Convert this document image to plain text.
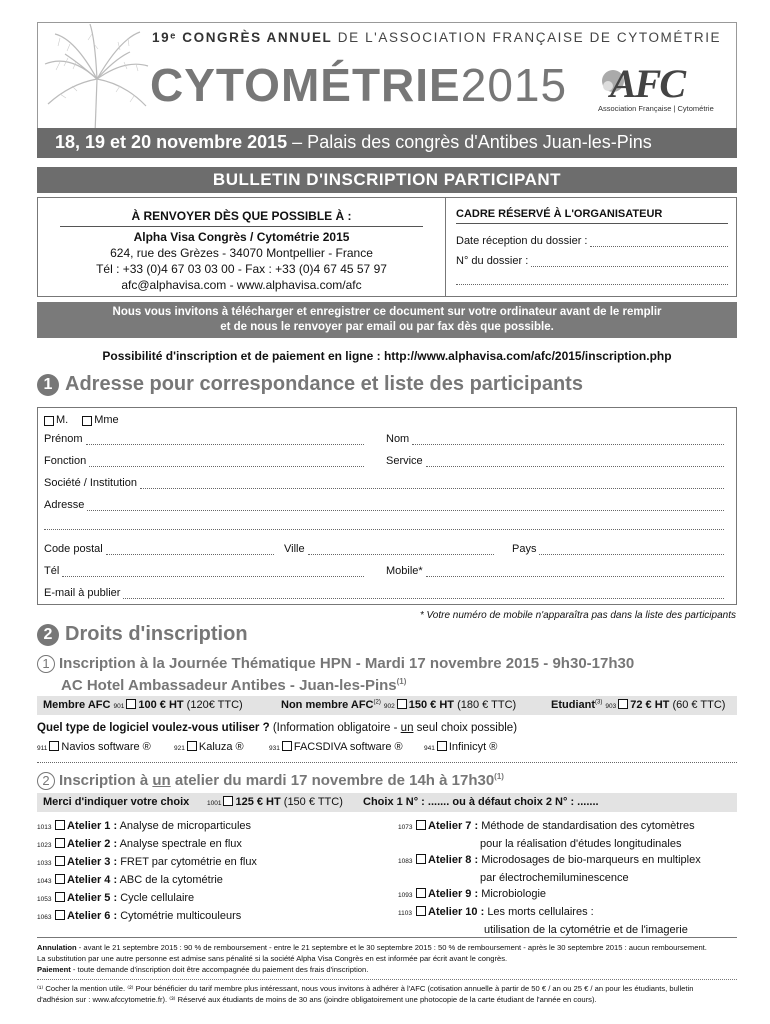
19ᵉ CONGRÈS ANNUEL DE L'ASSOCIATION FRANÇAISE DE CYTOMÉTRIE
CYTOMÉTRIE2015 AFC
Association Française | Cytométrie
18, 19 et 20 novembre 2015 – Palais des congrès d'Antibes Juan-les-Pins
BULLETIN D'INSCRIPTION PARTICIPANT
À RENVOYER DÈS QUE POSSIBLE À :
Alpha Visa Congrès / Cytométrie 2015
624, rue des Grèzes - 34070 Montpellier - France
Tél : +33 (0)4 67 03 03 00 - Fax : +33 (0)4 67 45 57 97
afc@alphavisa.com - www.alphavisa.com/afc
CADRE RÉSERVÉ À L'ORGANISATEUR
Date réception du dossier :
N° du dossier :
Nous vous invitons à télécharger et enregistrer ce document sur votre ordinateur avant de le remplir
et de nous le renvoyer par email ou par fax dès que possible.
Possibilité d'inscription et de paiement en ligne : http://www.alphavisa.com/afc/2015/inscription.php
1 Adresse pour correspondance et liste des participants
M. Mme
Prénom	Nom
Fonction	Service
Société / Institution
Adresse
Code postal	Ville	Pays
Tél	Mobile*
E-mail à publier
* Votre numéro de mobile n'apparaîtra pas dans la liste des participants
2 Droits d'inscription
1 Inscription à la Journée Thématique HPN - Mardi 17 novembre 2015 - 9h30-17h30
AC Hotel Ambassadeur Antibes - Juan-les-Pins$^{(1)}$
Membre AFC 901 100 € HT (120€ TTC)	Non membre AFC$^{(2)}$ 902 150 € HT (180 € TTC)	Etudiant$^{(3)}$ 903 72 € HT (60 € TTC)
Quel type de logiciel voulez-vous utiliser ? (Information obligatoire - un seul choix possible)
911 Navios software ®	921 Kaluza ®	931 FACSDIVA software ®	941 Infinicyt ®
2 Inscription à un atelier du mardi 17 novembre de 14h à 17h30$^{(1)}$
Merci d'indiquer votre choix	1001 125 € HT (150 € TTC) Choix 1 N° : ....... ou à défaut choix 2 N° : .......
1013 Atelier 1 : Analyse de microparticules
1023 Atelier 2 : Analyse spectrale en flux
1033 Atelier 3 : FRET par cytométrie en flux
1043 Atelier 4 : ABC de la cytométrie
1053 Atelier 5 : Cycle cellulaire
1063 Atelier 6 : Cytométrie multicouleurs
1073 Atelier 7 : Méthode de standardisation des cytomètres
pour la réalisation d'études longitudinales
1083 Atelier 8 : Microdosages de bio-marqueurs en multiplex
par électrochemiluminescence
1093 Atelier 9 : Microbiologie
1103 Atelier 10 : Les morts cellulaires :
utilisation de la cytométrie et de l'imagerie
Annulation - avant le 21 septembre 2015 : 90 % de remboursement - entre le 21 septembre et le 30 septembre 2015 : 50 % de remboursement - après le 30 septembre 2015 : aucun remboursement.
La substitution par une autre personne est admise sans pénalité si la société Alpha Visa Congrès en est informée par écrit avant le congrès.
Paiement - toute demande d'inscription doit être accompagnée du paiement des frais d'inscription.
⁽¹⁾ Cocher la mention utile. ⁽²⁾ Pour bénéficier du tarif membre plus intéressant, nous vous invitons à adhérer à l'AFC (cotisation annuelle à partir de 50 € / an ou 25 € / an pour les étudiants, bulletin
d'adhésion sur : www.afccytometrie.fr). ⁽³⁾ Réservé aux étudiants de moins de 30 ans (joindre obligatoirement une photocopie de la carte étudiant de l'année en cours).
